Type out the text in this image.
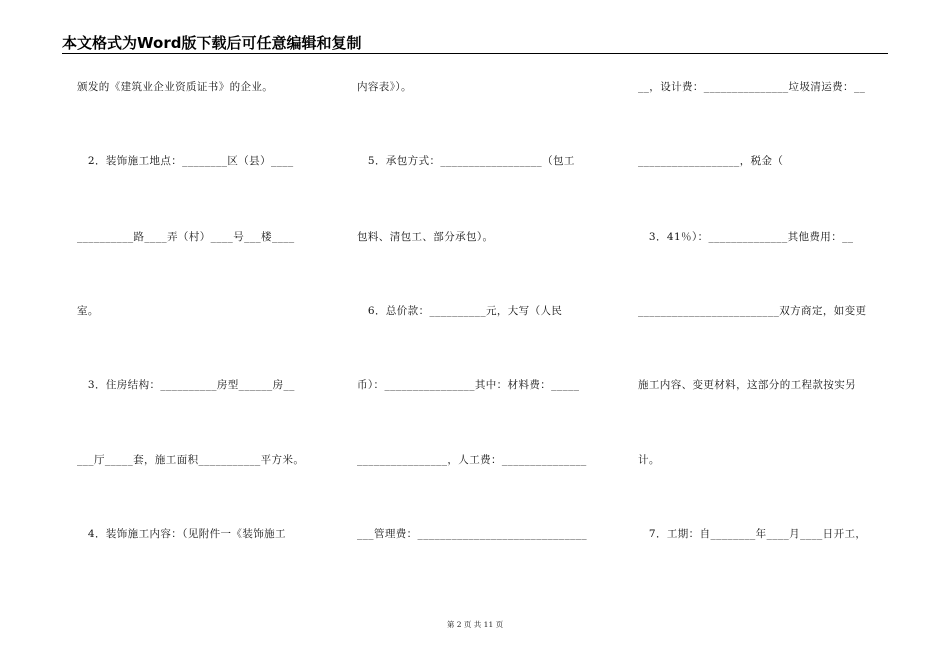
本文格式为Word版下载后可任意编辑和复制
颁发的《建筑业企业资质证书》的企业。
　2．装饰施工地点：________区（县）____
__________路____弄（村）____号___楼____
室。
　3．住房结构：__________房型______房__
___厅_____套，施工面积___________平方米。
　4．装饰施工内容：（见附件一《装饰施工
内容表》）。
　5．承包方式：__________________（包工
包料、清包工、部分承包）。
　6．总价款：__________元，大写（人民
币）：________________其中：材料费：_____
________________，人工费：_______________
___管理费：______________________________
__，设计费：_______________垃圾清运费：__
__________________，税金（
　3．41％）：______________其他费用：__
_________________________双方商定，如变更
施工内容、变更材料，这部分的工程款按实另
计。
　7．工期：自________年____月____日开工，
第 2 页 共 11 页
